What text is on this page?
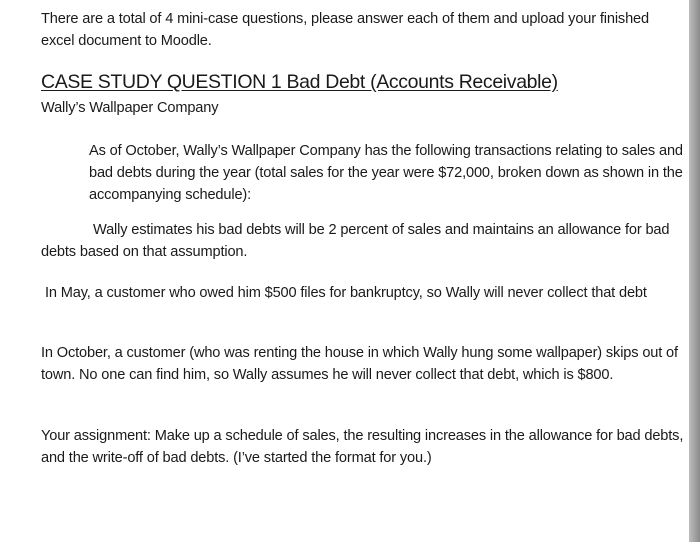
There are a total of 4 mini-case questions, please answer each of them and upload your finished excel document to Moodle.

CASE STUDY QUESTION 1 Bad Debt (Accounts Receivable)

Wally’s Wallpaper Company

As of October, Wally’s Wallpaper Company has the following transactions relating to sales and bad debts during the year (total sales for the year were $72,000, broken down as shown in the accompanying schedule):

Wally estimates his bad debts will be 2 percent of sales and maintains an allowance for bad debts based on that assumption.

In May, a customer who owed him $500 files for bankruptcy, so Wally will never collect that debt

In October, a customer (who was renting the house in which Wally hung some wallpaper) skips out of town. No one can find him, so Wally assumes he will never collect that debt, which is $800.

Your assignment: Make up a schedule of sales, the resulting increases in the allowance for bad debts, and the write-off of bad debts. (I’ve started the format for you.)
